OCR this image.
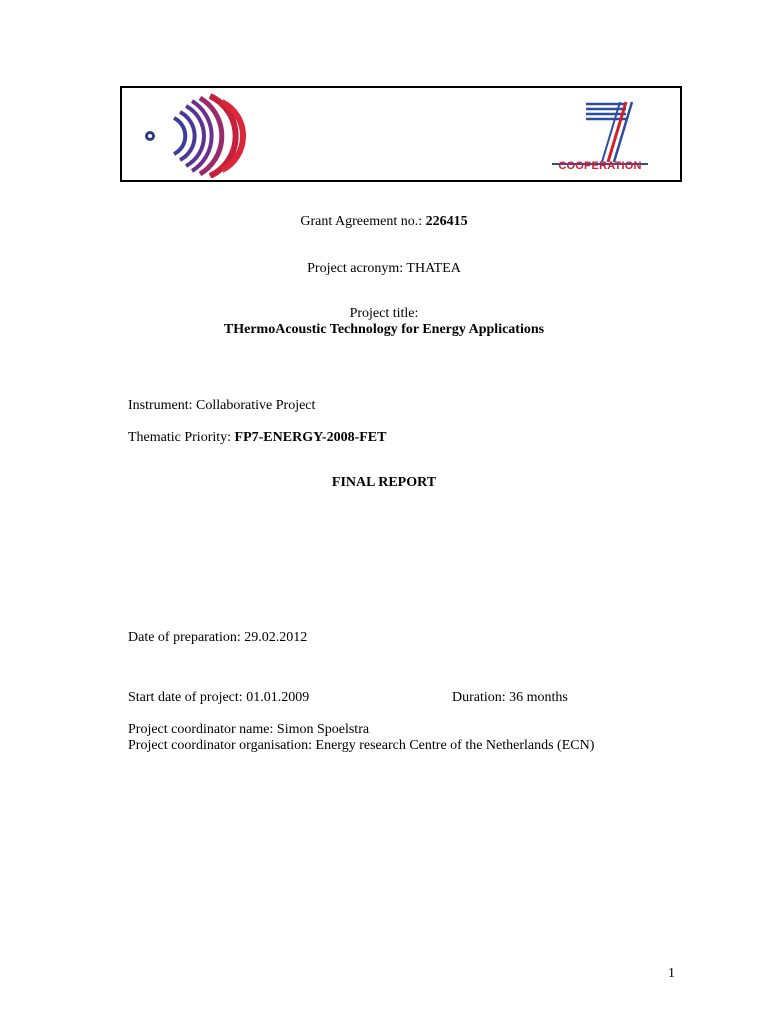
COOPERATION
Grant Agreement no.: 226415
Project acronym: THATEA
Project title:
THermoAcoustic Technology for Energy Applications
Instrument: Collaborative Project
Thematic Priority: FP7-ENERGY-2008-FET
FINAL REPORT
Date of preparation: 29.02.2012
Start date of project: 01.01.2009	Duration: 36 months
Project coordinator name: Simon Spoelstra
Project coordinator organisation: Energy research Centre of the Netherlands (ECN)
1
